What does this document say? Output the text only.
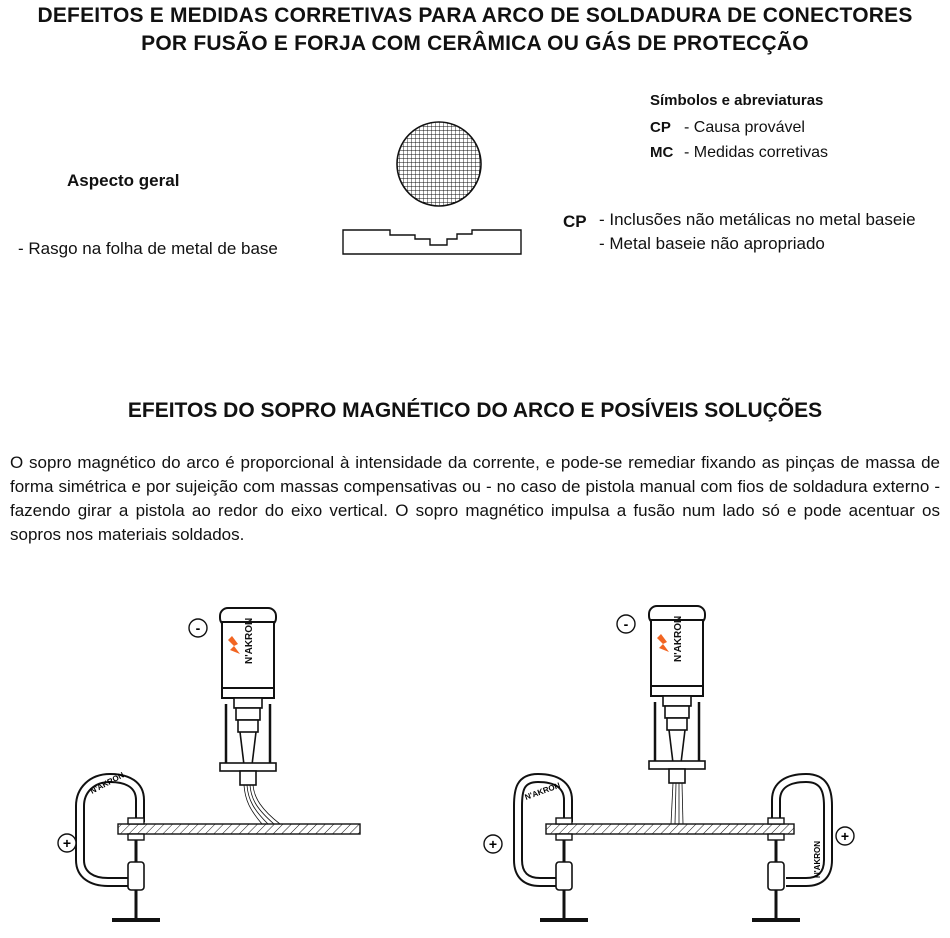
DEFEITOS E MEDIDAS CORRETIVAS PARA ARCO DE SOLDADURA DE CONECTORES
POR FUSÃO E FORJA COM CERÂMICA OU GÁS DE PROTECÇÃO
Símbolos e abreviaturas
CP - Causa provável
MC - Medidas corretivas
Aspecto geral
- Rasgo na folha de metal de base
CP - Inclusões não metálicas no metal baseie
- Metal baseie não apropriado
EFEITOS DO SOPRO MAGNÉTICO DO ARCO E POSÍVEIS SOLUÇÕES
O sopro magnético do arco é proporcional à intensidade da corrente, e pode-se remediar fixando as pinças de massa de forma simétrica e por sujeição com massas compensativas ou - no caso de pistola manual com fios de soldadura externo - fazendo girar a pistola ao redor do eixo vertical. O sopro magnético impulsa a fusão num lado só e pode acentuar os sopros nos materiais soldados.
-	N'AKRON
N'AKRON
+
-	N'AKRON
N'AKRON
+	N'AKRON
+
